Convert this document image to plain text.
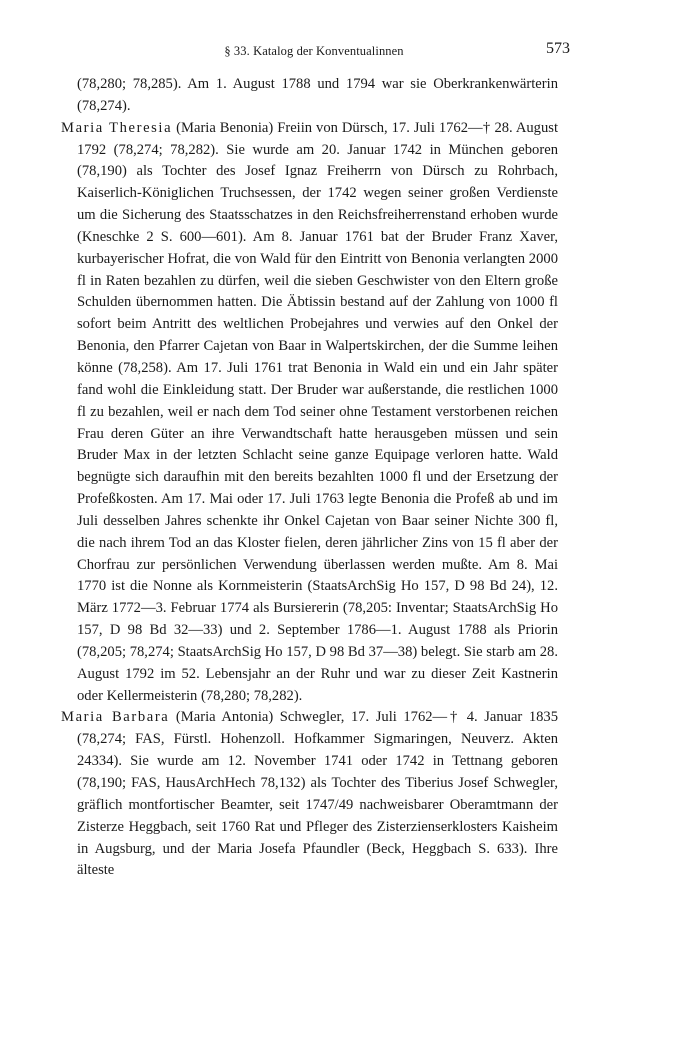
§ 33. Katalog der Konventualinnen	573

(78,280; 78,285). Am 1. August 1788 und 1794 war sie Oberkrankenwärterin (78,274).

Maria Theresia (Maria Benonia) Freiin von Dürsch, 17. Juli 1762—† 28. August 1792 (78,274; 78,282). Sie wurde am 20. Januar 1742 in München geboren (78,190) als Tochter des Josef Ignaz Freiherrn von Dürsch zu Rohrbach, Kaiserlich-Königlichen Truchsessen, der 1742 wegen seiner großen Verdienste um die Sicherung des Staatsschatzes in den Reichsfreiherrenstand erhoben wurde (Kneschke 2 S. 600—601). Am 8. Januar 1761 bat der Bruder Franz Xaver, kurbayerischer Hofrat, die von Wald für den Eintritt von Benonia verlangten 2000 fl in Raten bezahlen zu dürfen, weil die sieben Geschwister von den Eltern große Schulden übernommen hatten. Die Äbtissin bestand auf der Zahlung von 1000 fl sofort beim Antritt des weltlichen Probejahres und verwies auf den Onkel der Benonia, den Pfarrer Cajetan von Baar in Walpertskirchen, der die Summe leihen könne (78,258). Am 17. Juli 1761 trat Benonia in Wald ein und ein Jahr später fand wohl die Einkleidung statt. Der Bruder war außerstande, die restlichen 1000 fl zu bezahlen, weil er nach dem Tod seiner ohne Testament verstorbenen reichen Frau deren Güter an ihre Verwandtschaft hatte herausgeben müssen und sein Bruder Max in der letzten Schlacht seine ganze Equipage verloren hatte. Wald begnügte sich daraufhin mit den bereits bezahlten 1000 fl und der Ersetzung der Profeßkosten. Am 17. Mai oder 17. Juli 1763 legte Benonia die Profeß ab und im Juli desselben Jahres schenkte ihr Onkel Cajetan von Baar seiner Nichte 300 fl, die nach ihrem Tod an das Kloster fielen, deren jährlicher Zins von 15 fl aber der Chorfrau zur persönlichen Verwendung überlassen werden mußte. Am 8. Mai 1770 ist die Nonne als Kornmeisterin (StaatsArchSig Ho 157, D 98 Bd 24), 12. März 1772—3. Februar 1774 als Bursiererin (78,205: Inventar; StaatsArchSig Ho 157, D 98 Bd 32—33) und 2. September 1786—1. August 1788 als Priorin (78,205; 78,274; StaatsArchSig Ho 157, D 98 Bd 37—38) belegt. Sie starb am 28. August 1792 im 52. Lebensjahr an der Ruhr und war zu dieser Zeit Kastnerin oder Kellermeisterin (78,280; 78,282).

Maria Barbara (Maria Antonia) Schwegler, 17. Juli 1762—† 4. Januar 1835 (78,274; FAS, Fürstl. Hohenzoll. Hofkammer Sigmaringen, Neuverz. Akten 24334). Sie wurde am 12. November 1741 oder 1742 in Tettnang geboren (78,190; FAS, HausArchHech 78,132) als Tochter des Tiberius Josef Schwegler, gräflich montfortischer Beamter, seit 1747/49 nachweisbarer Oberamtmann der Zisterze Heggbach, seit 1760 Rat und Pfleger des Zisterzienserklosters Kaisheim in Augsburg, und der Maria Josefa Pfaundler (Beck, Heggbach S. 633). Ihre älteste
